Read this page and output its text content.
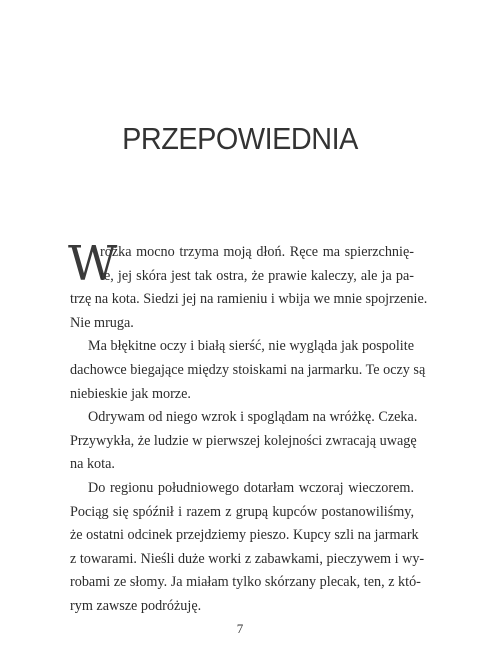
PRZEPOWIEDNIA
W
różka mocno trzyma moją dłoń. Ręce ma spierzchnię-
te, jej skóra jest tak ostra, że prawie kaleczy, ale ja pa-
trzę na kota. Siedzi jej na ramieniu i wbija we mnie spojrzenie.
Nie mruga.
Ma błękitne oczy i białą sierść, nie wygląda jak pospolite
dachowce biegające między stoiskami na jarmarku. Te oczy są
niebieskie jak morze.
Odrywam od niego wzrok i spoglądam na wróżkę. Czeka.
Przywykła, że ludzie w pierwszej kolejności zwracają uwagę
na kota.
Do regionu południowego dotarłam wczoraj wieczorem.
Pociąg się spóźnił i razem z grupą kupców postanowiliśmy,
że ostatni odcinek przejdziemy pieszo. Kupcy szli na jarmark
z towarami. Nieśli duże worki z zabawkami, pieczywem i wy-
robami ze słomy. Ja miałam tylko skórzany plecak, ten, z któ-
rym zawsze podróżuję.
7
